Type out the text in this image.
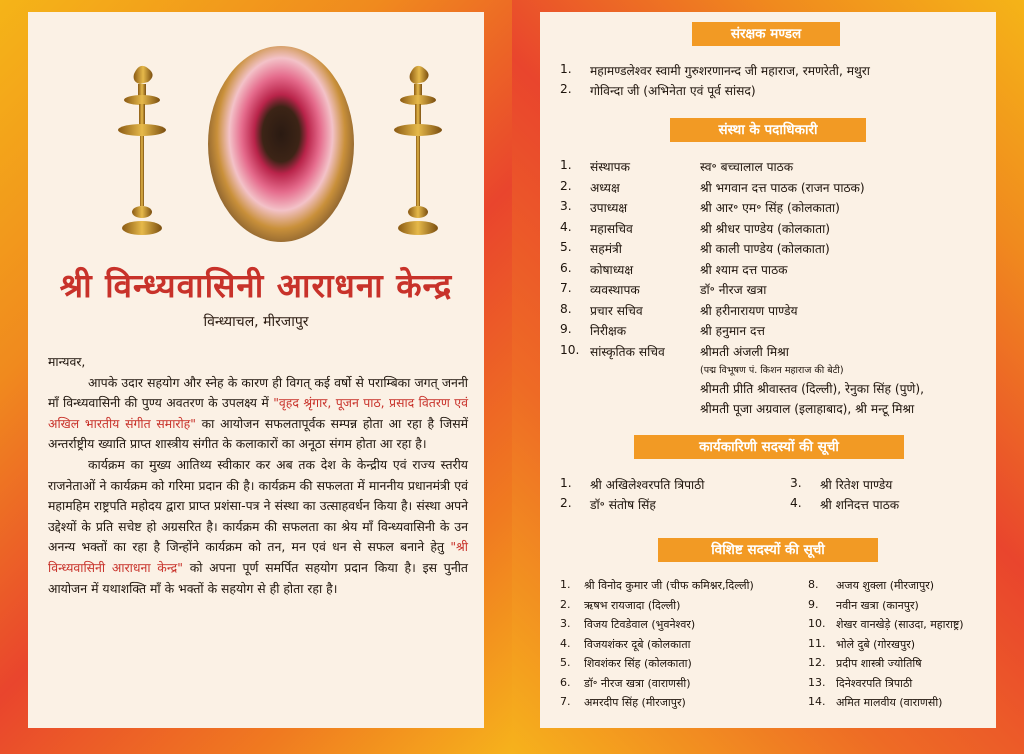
श्री विन्ध्यवासिनी आराधना केन्द्र
विन्ध्याचल, मीरजापुर

मान्यवर,

आपके उदार सहयोग और स्नेह के कारण ही विगत् कई वर्षो से पराम्बिका जगत् जननी माँ विन्ध्यवासिनी की पुण्य अवतरण के उपलक्ष्य में "वृहद श्रृंगार, पूजन पाठ, प्रसाद वितरण एवं अखिल भारतीय संगीत समारोह" का आयोजन सफलतापूर्वक सम्पन्न होता आ रहा है जिसमें अन्तर्राष्ट्रीय ख्याति प्राप्त शास्त्रीय संगीत के कलाकारों का अनूठा संगम होता आ रहा है।

कार्यक्रम का मुख्य आतिथ्य स्वीकार कर अब तक देश के केन्द्रीय एवं राज्य स्तरीय राजनेताओं ने कार्यक्रम को गरिमा प्रदान की है। कार्यक्रम की सफलता में माननीय प्रधानमंत्री एवं महामहिम राष्ट्रपति महोदय द्वारा प्राप्त प्रशंसा-पत्र ने संस्था का उत्साहवर्धन किया है। संस्था अपने उद्देश्यों के प्रति सचेष्ट हो अग्रसरित है। कार्यक्रम की सफलता का श्रेय माँ विन्ध्यवासिनी के उन अनन्य भक्तों का रहा है जिन्होंने कार्यक्रम को तन, मन एवं धन से सफल बनाने हेतु "श्री विन्ध्यवासिनी आराधना केन्द्र" को अपना पूर्ण समर्पित सहयोग प्रदान किया है। इस पुनीत आयोजन में यथाशक्ति माँ के भक्तों के सहयोग से ही होता रहा है।

संरक्षक मण्डल
1. महामण्डलेश्वर स्वामी गुरुशरणानन्द जी महाराज, रमणरेती, मथुरा
2. गोविन्दा जी (अभिनेता एवं पूर्व सांसद)
संस्था के पदाधिकारी
1. संस्थापक	स्व॰ बच्चालाल पाठक
2. अध्यक्ष	श्री भगवान दत्त पाठक (राजन पाठक)
3. उपाध्यक्ष	श्री आर॰ एम॰ सिंह (कोलकाता)
4. महासचिव	श्री श्रीधर पाण्डेय (कोलकाता)
5. सहमंत्री	श्री काली पाण्डेय (कोलकाता)
6. कोषाध्यक्ष	श्री श्याम दत्त पाठक
7. व्यवस्थापक	डॉ॰ नीरज खत्रा
8. प्रचार सचिव	श्री हरीनारायण पाण्डेय
9. निरीक्षक	श्री हनुमान दत्त
10. सांस्कृतिक सचिव	श्रीमती अंजली मिश्रा
(पद्म विभूषण पं. किशन महाराज की बेटी)
श्रीमती प्रीति श्रीवास्तव (दिल्ली), रेनुका सिंह (पुणे),
श्रीमती पूजा अग्रवाल (इलाहाबाद), श्री मन्टू मिश्रा
कार्यकारिणी सदस्यों की सूची
1. श्री अखिलेश्वरपति त्रिपाठी
2. डॉ॰ संतोष सिंह
3. श्री रितेश पाण्डेय
4. श्री शनिदत्त पाठक
विशिष्ट सदस्यों की सूची
1. श्री विनोद कुमार जी (चीफ कमिश्नर,दिल्ली)
2. ऋषभ रायजादा (दिल्ली)
3. विजय टिवडेवाल (भुवनेश्वर)
4. विजयशंकर दूबे (कोलकाता
5. शिवशंकर सिंह (कोलकाता)
6. डॉ॰ नीरज खत्रा (वाराणसी)
7. अमरदीप सिंह (मीरजापुर)
8. अजय शुक्ला (मीरजापुर)
9. नवीन खत्रा (कानपुर)
10. शेखर वानखेड़े (साउदा, महाराष्ट्र)
11. भोले दुबे (गोरखपुर)
12. प्रदीप शास्त्री ज्योतिषि
13. दिनेश्वरपति त्रिपाठी
14. अमित मालवीय (वाराणसी)
